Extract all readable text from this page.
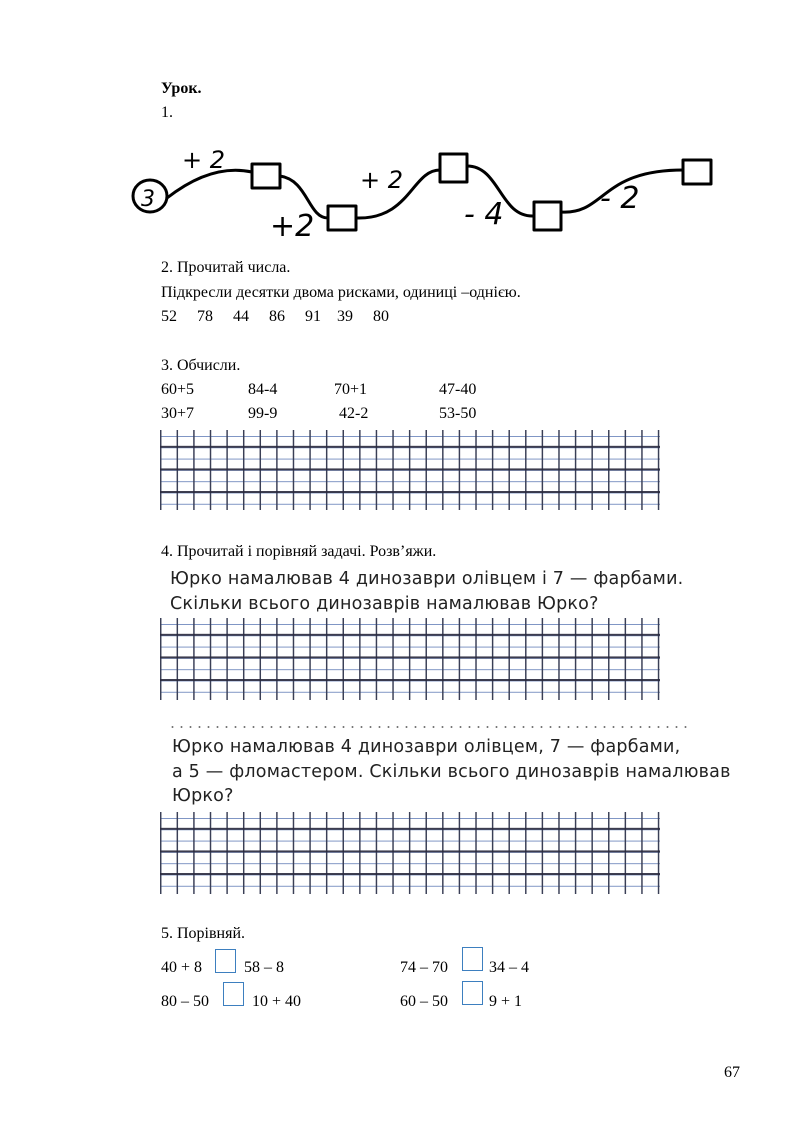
Урок.
1.
3
+ 2
+2
+ 2
- 4	- 2
2. Прочитай числа.
Підкресли десятки двома рисками, одиниці –однією.
52     78     44     86     91    39     80
3. Обчисли.
60+5	84-4	70+1	47-40
30+7	99-9	42-2	53-50
4. Прочитай і порівняй задачі. Розв’яжи.
Юрко намалював 4 динозаври олівцем і 7 — фарбами.
Скільки всього динозаврів намалював Юрко?
Юрко намалював 4 динозаври олівцем, 7 — фарбами,
а 5 — фломастером. Скільки всього динозаврів намалював
Юрко?
5. Порівняй.
40 + 8	58 – 8	74 – 70	34 – 4
80 – 50	10 + 40	60 – 50	9 + 1
67
